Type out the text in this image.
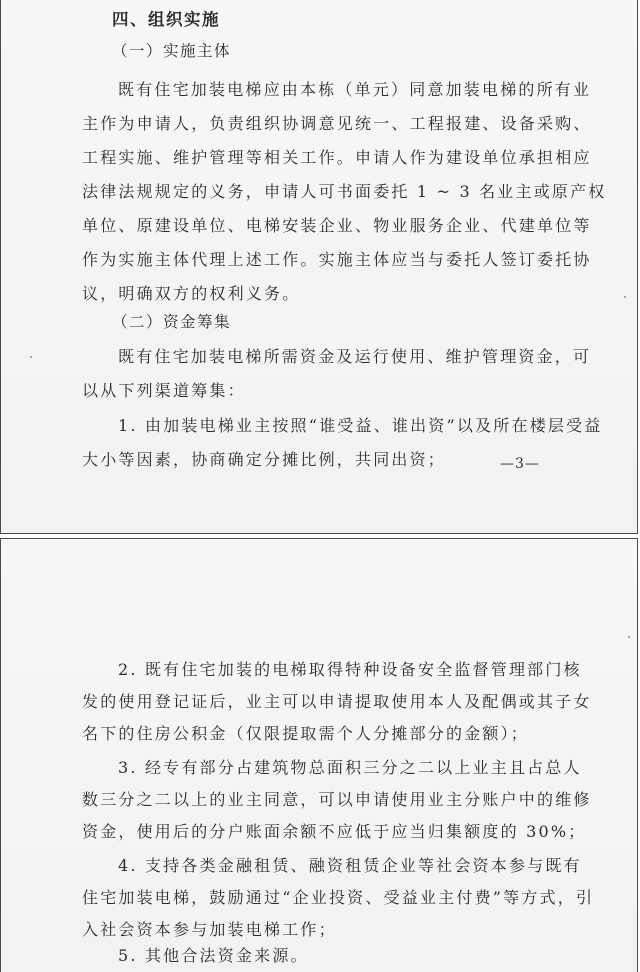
四、组织实施
（一）实施主体
既有住宅加装电梯应由本栋（单元）同意加装电梯的所有业
主作为申请人，负责组织协调意见统一、工程报建、设备采购、
工程实施、维护管理等相关工作。申请人作为建设单位承担相应
法律法规规定的义务，申请人可书面委托 1 ~ 3 名业主或原产权
单位、原建设单位、电梯安装企业、物业服务企业、代建单位等
作为实施主体代理上述工作。实施主体应当与委托人签订委托协
议，明确双方的权利义务。
（二）资金筹集
既有住宅加装电梯所需资金及运行使用、维护管理资金，可
以从下列渠道筹集：
1. 由加装电梯业主按照“谁受益、谁出资”以及所在楼层受益
大小等因素，协商确定分摊比例，共同出资；	—3—
2. 既有住宅加装的电梯取得特种设备安全监督管理部门核
发的使用登记证后，业主可以申请提取使用本人及配偶或其子女
名下的住房公积金（仅限提取需个人分摊部分的金额）；
3. 经专有部分占建筑物总面积三分之二以上业主且占总人
数三分之二以上的业主同意，可以申请使用业主分账户中的维修
资金，使用后的分户账面余额不应低于应当归集额度的 30%；
4. 支持各类金融租赁、融资租赁企业等社会资本参与既有
住宅加装电梯，鼓励通过“企业投资、受益业主付费”等方式，引
入社会资本参与加装电梯工作；
5. 其他合法资金来源。
